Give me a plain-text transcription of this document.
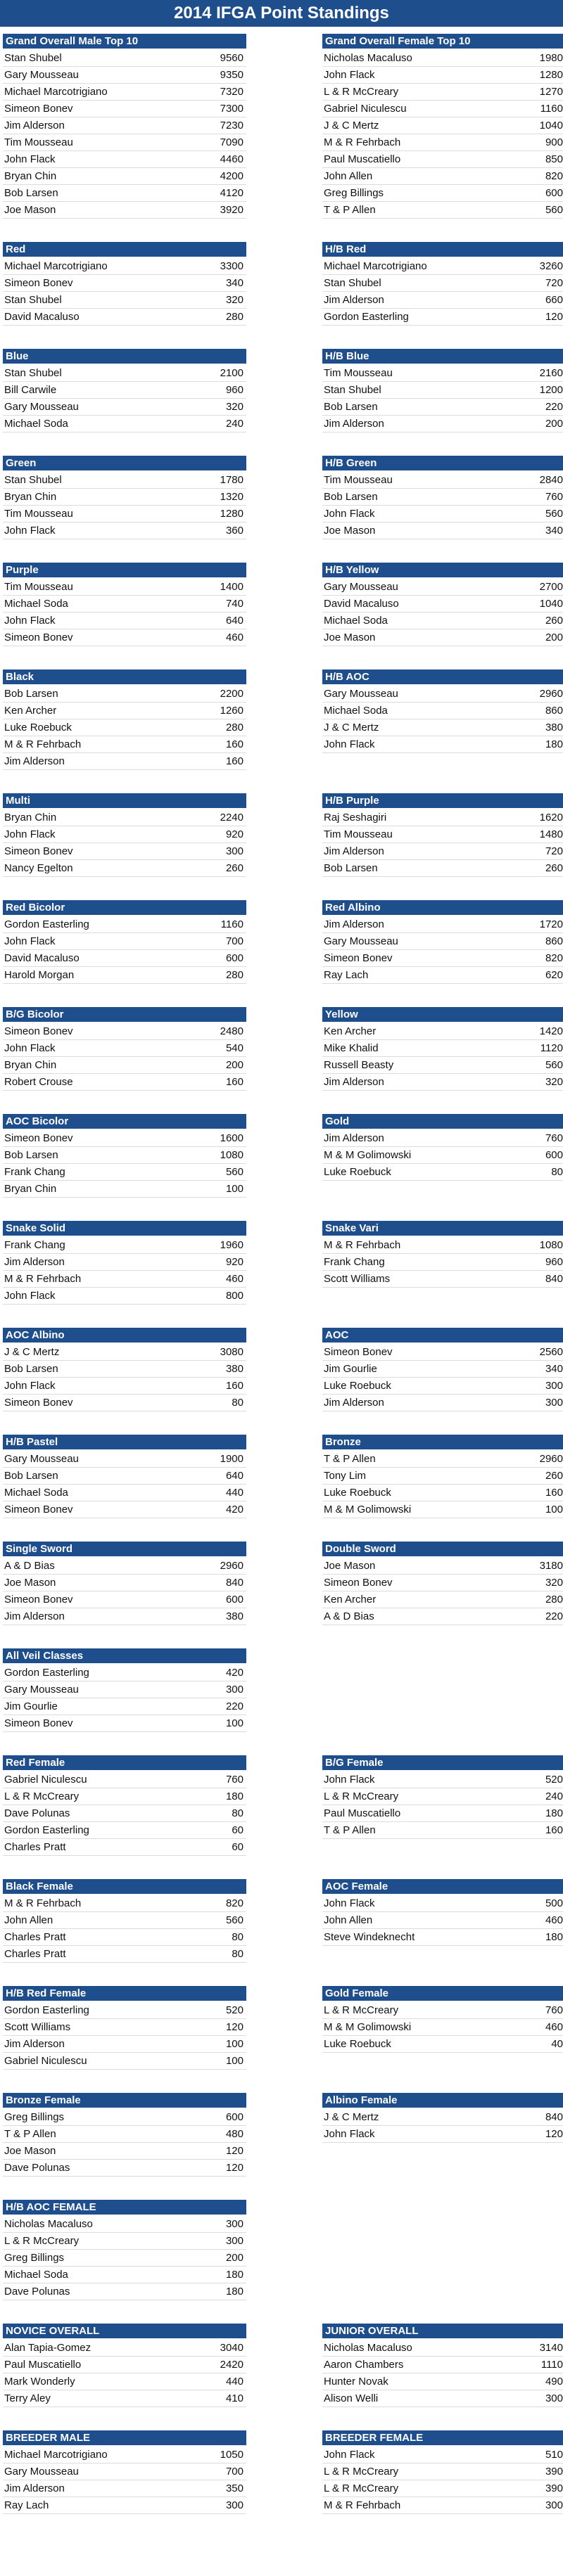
2014 IFGA Point Standings
Grand Overall Male Top 10
Stan Shubel	9560
Gary Mousseau	9350
Michael Marcotrigiano	7320
Simeon Bonev	7300
Jim Alderson	7230
Tim Mousseau	7090
John Flack	4460
Bryan Chin	4200
Bob Larsen	4120
Joe Mason	3920
Grand Overall Female Top 10
Nicholas Macaluso	1980
John Flack	1280
L & R McCreary	1270
Gabriel Niculescu	1160
J & C Mertz	1040
M & R Fehrbach	900
Paul Muscatiello	850
John Allen	820
Greg Billings	600
T & P Allen	560
Red
Michael Marcotrigiano	3300
Simeon Bonev	340
Stan Shubel	320
David Macaluso	280
H/B Red
Michael Marcotrigiano	3260
Stan Shubel	720
Jim Alderson	660
Gordon Easterling	120
Blue
Stan Shubel	2100
Bill Carwile	960
Gary Mousseau	320
Michael Soda	240
H/B Blue
Tim Mousseau	2160
Stan Shubel	1200
Bob Larsen	220
Jim Alderson	200
Green
Stan Shubel	1780
Bryan Chin	1320
Tim Mousseau	1280
John Flack	360
H/B Green
Tim Mousseau	2840
Bob Larsen	760
John Flack	560
Joe Mason	340
Purple
Tim Mousseau	1400
Michael Soda	740
John Flack	640
Simeon Bonev	460
H/B Yellow
Gary Mousseau	2700
David Macaluso	1040
Michael Soda	260
Joe Mason	200
Black
Bob Larsen	2200
Ken Archer	1260
Luke Roebuck	280
M & R Fehrbach	160
Jim Alderson	160
H/B AOC
Gary Mousseau	2960
Michael Soda	860
J & C Mertz	380
John Flack	180
Multi
Bryan Chin	2240
John Flack	920
Simeon Bonev	300
Nancy Egelton	260
H/B Purple
Raj Seshagiri	1620
Tim Mousseau	1480
Jim Alderson	720
Bob Larsen	260
Red Bicolor
Gordon Easterling	1160
John Flack	700
David Macaluso	600
Harold Morgan	280
Red Albino
Jim Alderson	1720
Gary Mousseau	860
Simeon Bonev	820
Ray Lach	620
B/G Bicolor
Simeon Bonev	2480
John Flack	540
Bryan Chin	200
Robert Crouse	160
Yellow
Ken Archer	1420
Mike Khalid	1120
Russell Beasty	560
Jim Alderson	320
AOC Bicolor
Simeon Bonev	1600
Bob Larsen	1080
Frank Chang	560
Bryan Chin	100
Gold
Jim Alderson	760
M & M Golimowski	600
Luke Roebuck	80
Snake Solid
Frank Chang	1960
Jim Alderson	920
M & R Fehrbach	460
John Flack	800
Snake Vari
M & R Fehrbach	1080
Frank Chang	960
Scott Williams	840
AOC Albino
J & C Mertz	3080
Bob Larsen	380
John Flack	160
Simeon Bonev	80
AOC
Simeon Bonev	2560
Jim Gourlie	340
Luke Roebuck	300
Jim Alderson	300
H/B Pastel
Gary Mousseau	1900
Bob Larsen	640
Michael Soda	440
Simeon Bonev	420
Bronze
T & P Allen	2960
Tony Lim	260
Luke Roebuck	160
M & M Golimowski	100
Single Sword
A & D Bias	2960
Joe Mason	840
Simeon Bonev	600
Jim Alderson	380
Double Sword
Joe Mason	3180
Simeon Bonev	320
Ken Archer	280
A & D Bias	220
All Veil Classes
Gordon Easterling	420
Gary Mousseau	300
Jim Gourlie	220
Simeon Bonev	100
Red Female
Gabriel Niculescu	760
L & R McCreary	180
Dave Polunas	80
Gordon Easterling	60
Charles Pratt	60
B/G Female
John Flack	520
L & R McCreary	240
Paul Muscatiello	180
T & P Allen	160
Black Female
M & R Fehrbach	820
John Allen	560
Charles Pratt	80
Charles Pratt	80
AOC Female
John Flack	500
John Allen	460
Steve Windeknecht	180
H/B Red Female
Gordon Easterling	520
Scott Williams	120
Jim Alderson	100
Gabriel Niculescu	100
Gold Female
L & R McCreary	760
M & M Golimowski	460
Luke Roebuck	40
Bronze Female
Greg Billings	600
T & P Allen	480
Joe Mason	120
Dave Polunas	120
Albino Female
J & C Mertz	840
John Flack	120
H/B AOC FEMALE
Nicholas Macaluso	300
L & R McCreary	300
Greg Billings	200
Michael Soda	180
Dave Polunas	180
NOVICE OVERALL
Alan Tapia-Gomez	3040
Paul Muscatiello	2420
Mark Wonderly	440
Terry Aley	410
JUNIOR OVERALL
Nicholas Macaluso	3140
Aaron Chambers	1110
Hunter Novak	490
Alison Welli	300
BREEDER MALE
Michael Marcotrigiano	1050
Gary Mousseau	700
Jim Alderson	350
Ray Lach	300
BREEDER FEMALE
John Flack	510
L & R McCreary	390
L & R McCreary	390
M & R Fehrbach	300
